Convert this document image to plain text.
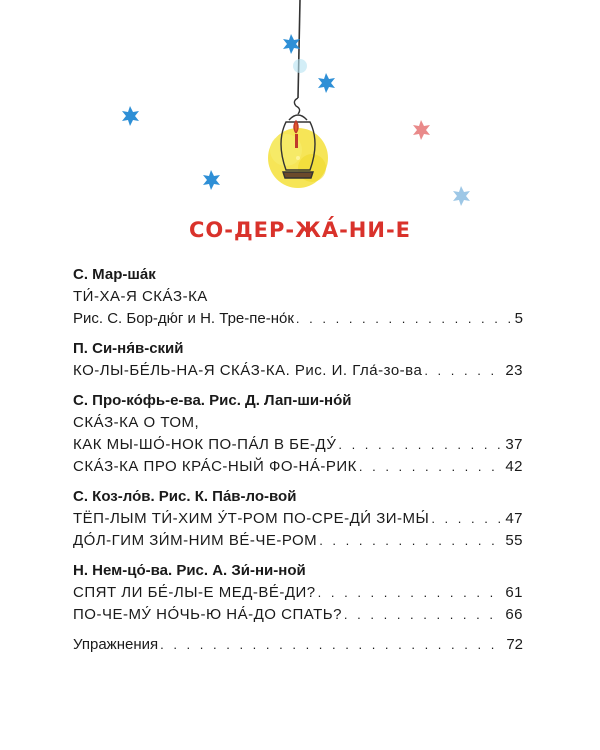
СО-ДЕР-ЖА́-НИ-Е
С. Мар-ша́к
ТИ́-ХА-Я СКА́З-КА
Рис. С. Бор-дю́г и Н. Тре-пе-но́к . . .	5
П. Си-ня́в-ский
КО-ЛЫ-БЕ́ЛЬ-НА-Я СКА́З-КА. Рис. И. Гла́-зо-ва . . .	23
С. Про-ко́фь-е-ва. Рис. Д. Лап-ши-но́й
СКА́З-КА О ТОМ,
КАК МЫ-ШО́-НОК ПО-ПА́Л В БЕ-ДУ́ . . .	37
СКА́З-КА ПРО КРА́С-НЫЙ ФО-НА́-РИК . . .	42
С. Коз-ло́в. Рис. К. Па́в-ло-вой
ТЁП-ЛЫМ ТИ́-ХИМ У́Т-РОМ ПО-СРЕ-ДИ́ ЗИ-МЫ́ . . .	47
ДО́Л-ГИМ ЗИ́М-НИМ ВЕ́-ЧЕ-РОМ . . .	55
Н. Нем-цо́-ва. Рис. А. Зи́-ни-ной
СПЯТ ЛИ БЕ́-ЛЫ-Е МЕД-ВЕ́-ДИ? . . .	61
ПО-ЧЕ-МУ́ НО́ЧЬ-Ю НА́-ДО СПАТЬ? . . .	66
Упражнения . . .	72
